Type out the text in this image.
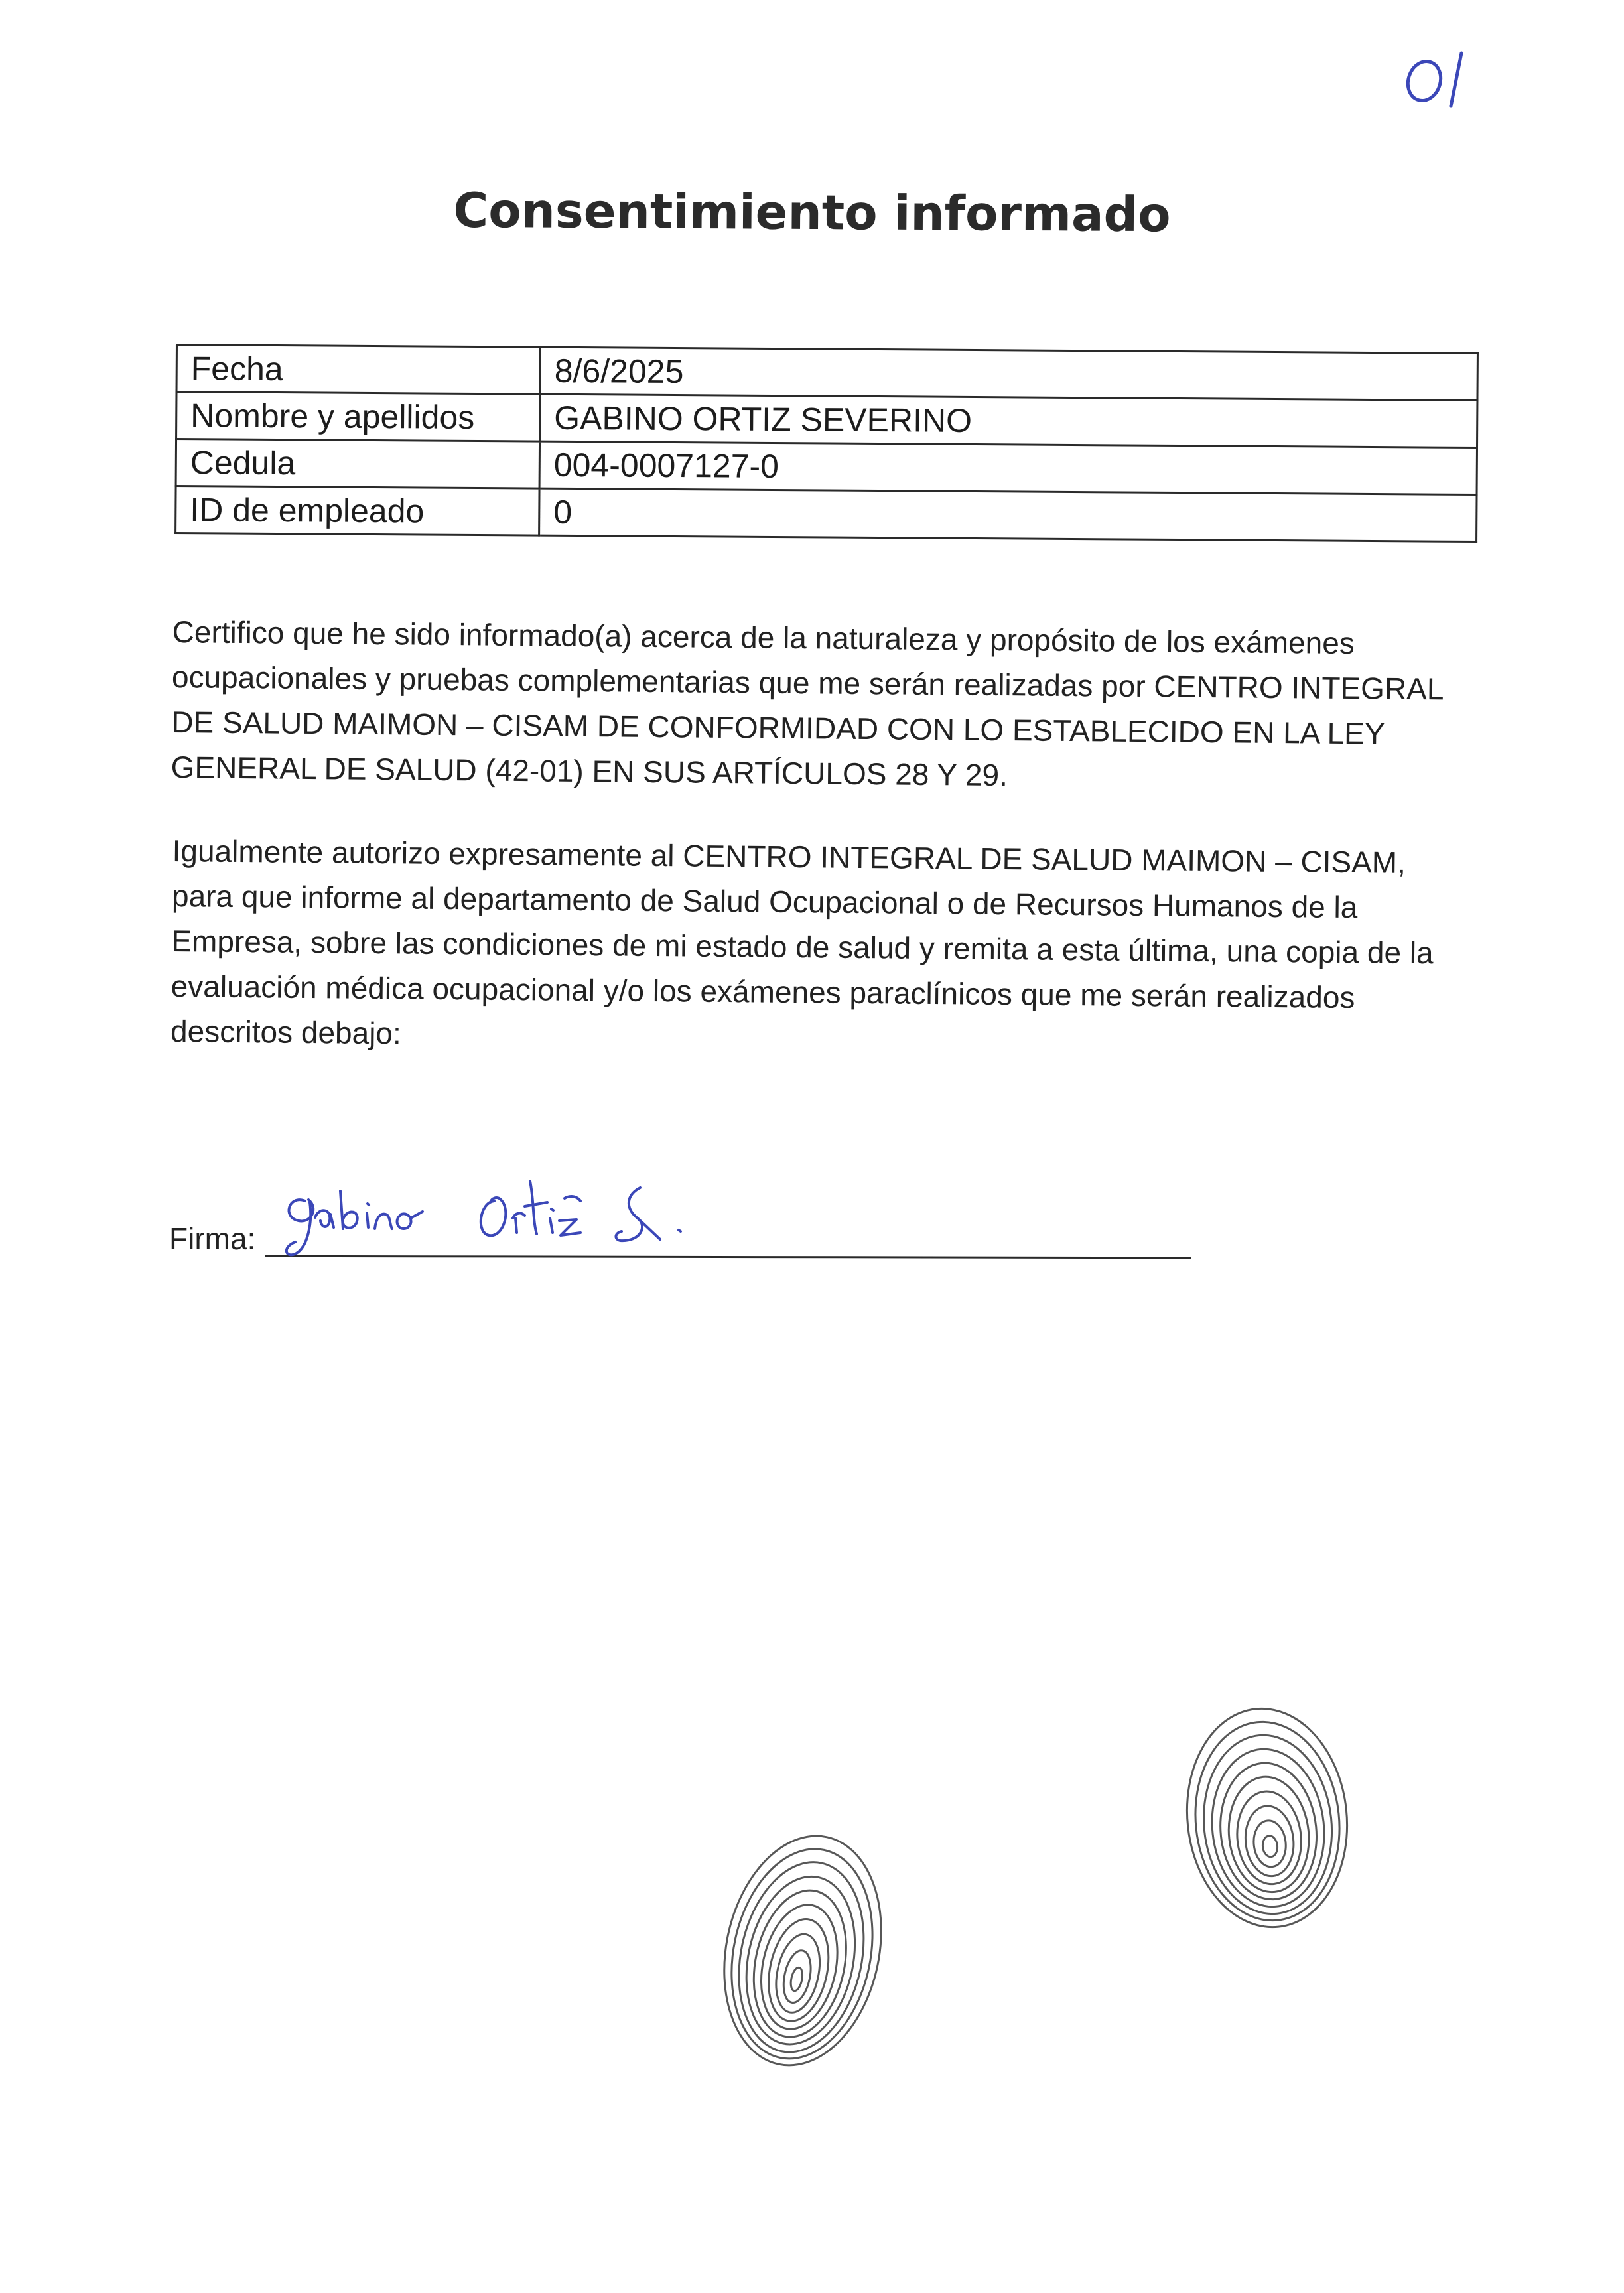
Consentimiento informado
Fecha	8/6/2025
Nombre y apellidos	GABINO ORTIZ SEVERINO
Cedula	004-0007127-0
ID de empleado	0
Certifico que he sido informado(a) acerca de la naturaleza y propósito de los exámenes ocupacionales y pruebas complementarias que me serán realizadas por CENTRO INTEGRAL DE SALUD MAIMON – CISAM DE CONFORMIDAD CON LO ESTABLECIDO EN LA LEY GENERAL DE SALUD (42-01) EN SUS ARTÍCULOS 28 Y 29.
Igualmente autorizo expresamente al CENTRO INTEGRAL DE SALUD MAIMON – CISAM, para que informe al departamento de Salud Ocupacional o de Recursos Humanos de la Empresa, sobre las condiciones de mi estado de salud y remita a esta última, una copia de la evaluación médica ocupacional y/o los exámenes paraclínicos que me serán realizados descritos debajo:
Firma:
